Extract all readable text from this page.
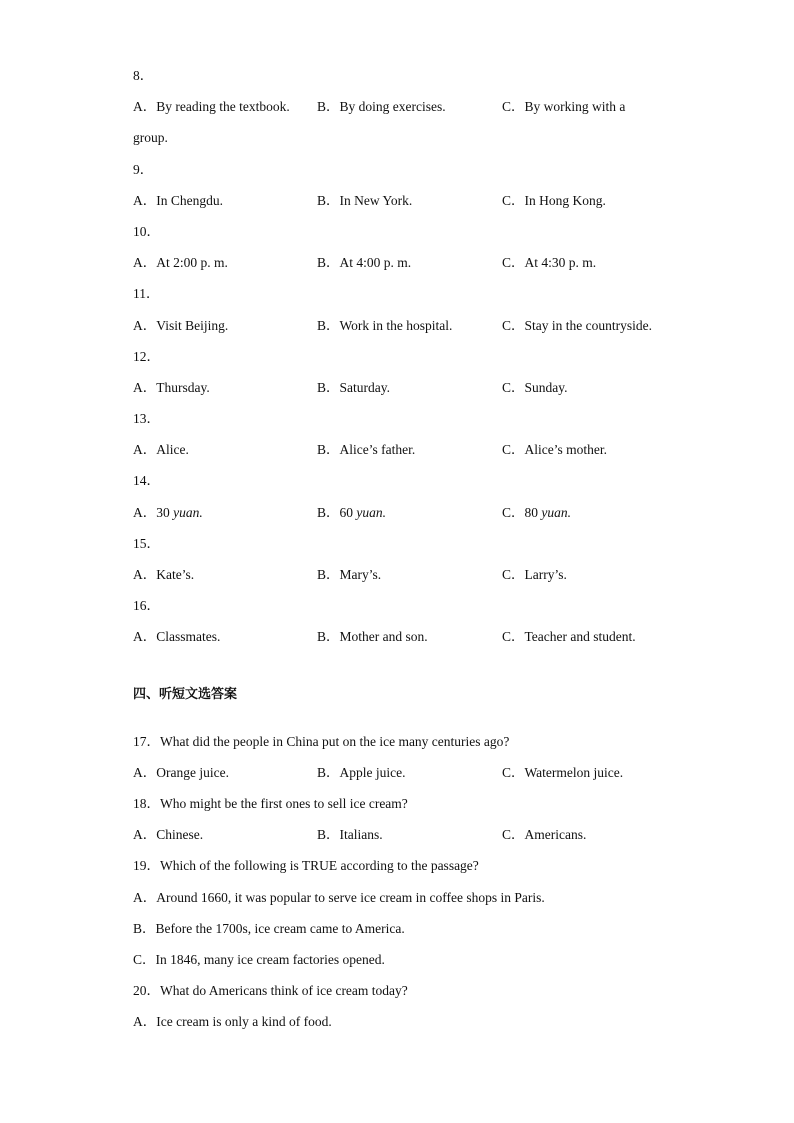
8．
A．By reading the textbook. B．By doing exercises.	C．By working with a
group.
9．
A．In Chengdu.	B．In New York.	C．In Hong Kong.
10．
A．At 2:00 p. m.	B．At 4:00 p. m.	C．At 4:30 p. m.
11．
A．Visit Beijing.	B．Work in the hospital.	C．Stay in the countryside.
12．
A．Thursday.	B．Saturday.	C．Sunday.
13．
A．Alice.	B．Alice’s father.	C．Alice’s mother.
14．
A．30 yuan.	B．60 yuan.	C．80 yuan.
15．
A．Kate’s.	B．Mary’s.	C．Larry’s.
16．
A．Classmates.	B．Mother and son.	C．Teacher and student.
四、听短文选答案
17．What did the people in China put on the ice many centuries ago?
A．Orange juice.	B．Apple juice.	C．Watermelon juice.
18．Who might be the first ones to sell ice cream?
A．Chinese.	B．Italians.	C．Americans.
19．Which of the following is TRUE according to the passage?
A．Around 1660, it was popular to serve ice cream in coffee shops in Paris.
B．Before the 1700s, ice cream came to America.
C．In 1846, many ice cream factories opened.
20．What do Americans think of ice cream today?
A．Ice cream is only a kind of food.
